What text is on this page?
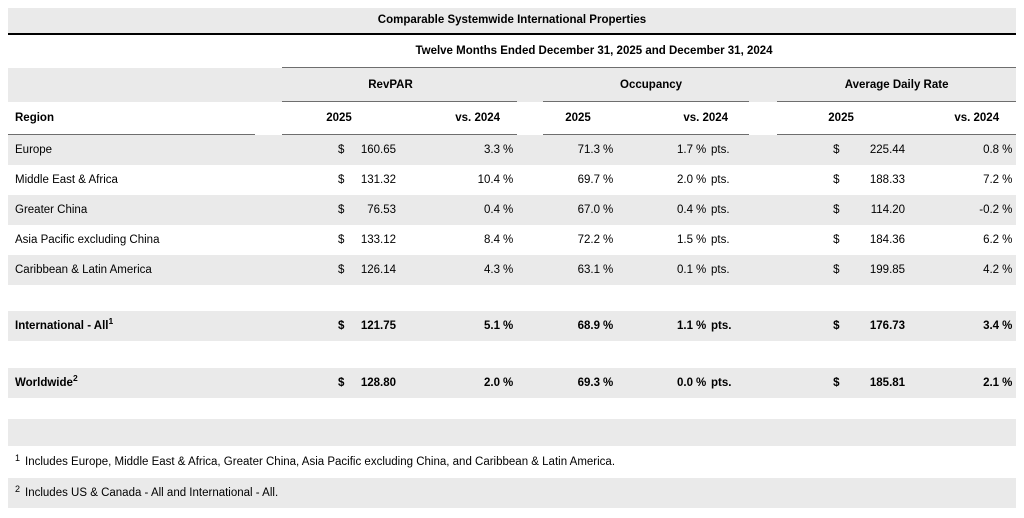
Comparable Systemwide International Properties
Twelve Months Ended December 31, 2025 and December 31, 2024
	RevPAR						Occupancy						Average Daily Rate				
Region	2025			vs. 2024			2025		vs. 2024				2025			vs. 2024	
Europe		$	160.65	3.3	%		71.3	%	1.7	%	pts.			$	225.44	0.8	%
Middle East & Africa		$	131.32	10.4	%		69.7	%	2.0	%	pts.			$	188.33	7.2	%
Greater China		$	76.53	0.4	%		67.0	%	0.4	%	pts.			$	114.20	-0.2	%
Asia Pacific excluding China		$	133.12	8.4	%		72.2	%	1.5	%	pts.			$	184.36	6.2	%
Caribbean & Latin America		$	126.14	4.3	%		63.1	%	0.1	%	pts.			$	199.85	4.2	%

International - All$^1$		$	121.75	5.1	%		68.9	%	1.1	%	pts.			$	176.73	3.4	%

Worldwide$^2$		$	128.80	2.0	%		69.3	%	0.0	%	pts.			$	185.81	2.1	%

1 Includes Europe, Middle East & Africa, Greater China, Asia Pacific excluding China, and Caribbean & Latin America.
2 Includes US & Canada - All and International - All.
